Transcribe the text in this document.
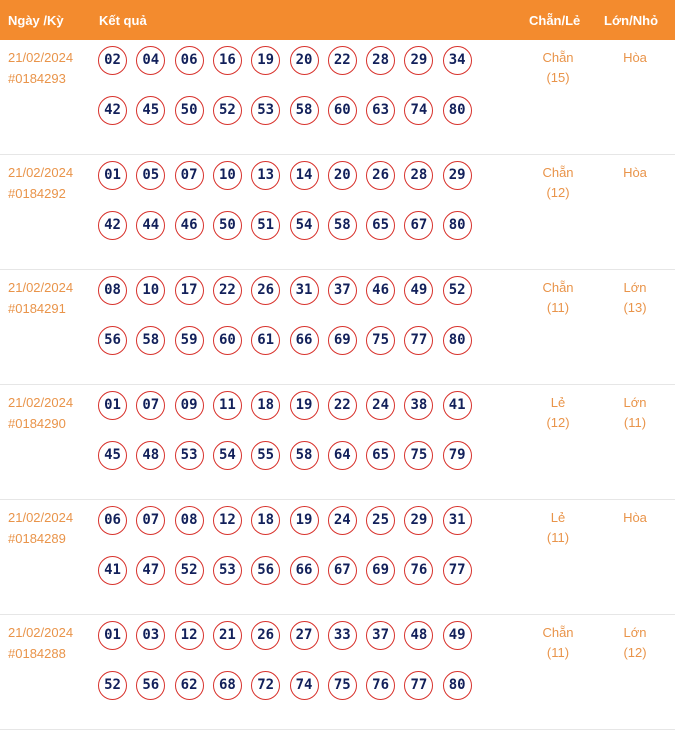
Ngày /Kỳ	Kết quả	Chẵn/Lẻ Lớn/Nhỏ
21/02/2024
#0184293
02	04	06	16	19	20	22	28	29	34
42	45	50	52	53	58	60	63	74	80
Chẵn
(15)
Hòa
21/02/2024
#0184292
01	05	07	10	13	14	20	26	28	29
42	44	46	50	51	54	58	65	67	80
Chẵn
(12)
Hòa
21/02/2024
#0184291
08	10	17	22	26	31	37	46	49	52
56	58	59	60	61	66	69	75	77	80
Chẵn
(11)
Lớn
(13)
21/02/2024
#0184290
01	07	09	11	18	19	22	24	38	41
45	48	53	54	55	58	64	65	75	79
Lẻ
(12)
Lớn
(11)
21/02/2024
#0184289
06	07	08	12	18	19	24	25	29	31
41	47	52	53	56	66	67	69	76	77
Lẻ
(11)
Hòa
21/02/2024
#0184288
01	03	12	21	26	27	33	37	48	49
52	56	62	68	72	74	75	76	77	80
Chẵn
(11)
Lớn
(12)
